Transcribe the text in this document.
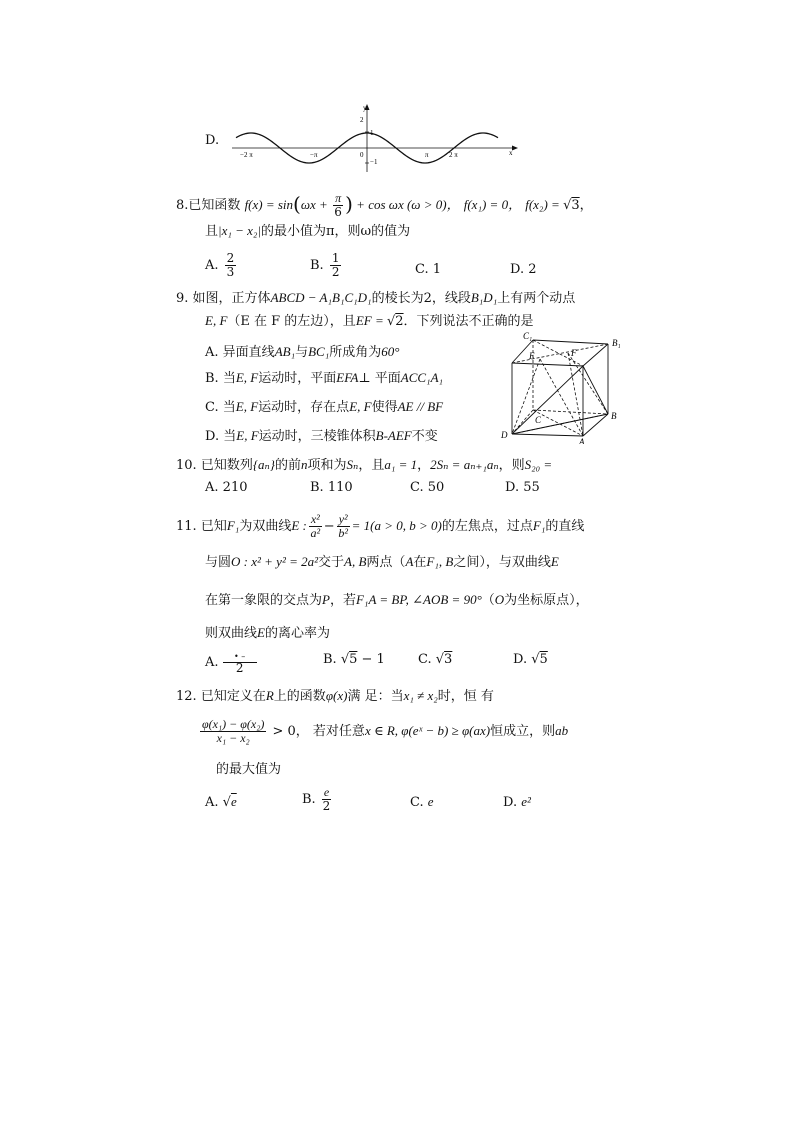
D.
y
x
2
1
−1
0
−2 π	−π	π	2 π
8.已知函数 $f(x) = \sin(\omega x + \frac{\pi}{6}$ ) + cos ωx (ω > 0)， f(x₁) = 0， f(x₂) = √3，
且|x₁ − x₂|的最小值为π，则ω的值为
A. $\frac{2}{3}$	B. $\frac{1}{2}$	C. 1	D. 2
9. 如图，正方体ABCD − A₁B₁C₁D₁的棱长为2，线段B₁D₁上有两个动点
E, F（E 在 F 的左边），且EF = √2．下列说法不正确的是
A. 异面直线AB₁与BC₁所成角为60°
B. 当E, F运动时，平面EFA⊥ 平面ACC₁A₁
C. 当E, F运动时，存在点E, F使得AE // BF
D. 当E, F运动时，三棱锥体积B-AEF不变
C₁
B₁
E	F
D
C	B
A
10. 已知数列{aₙ}的前n项和为Sₙ，且a₁ = 1，2Sₙ = aₙ₊₁aₙ，则S₂₀ =
A. 210	B. 110	C. 50	D. 55
11. 已知F₁为双曲线E : $\frac{\text{x²}}{\text{a²}} - \frac{\text{y²}}{\text{b²}} = 1(a > 0$, b > 0)的左焦点，过点F₁的直线
与圆O : x² + y² = 2a²交于A, B两点（A在F₁, B之间），与双曲线E
在第一象限的交点为P，若F₁A = BP, ∠AOB = 90°（O为坐标原点），
则双曲线E的离心率为
A.	• –
2
B. √5 − 1	C. √3	D. √5
12. 已知定义在R上的函数φ(x)满 足：当x₁ ≠ x₂时，恒 有
$\frac{\text{φ(x₁) − φ(x₂)}}{\text{x₁ − x₂}} > 0$， 若对任意x ∈ R, φ(eˣ − b) ≥ φ(ax)恒成立，则ab
的最大值为
A. √e	B. $\frac{e}{2}$	C. e	D. e²
